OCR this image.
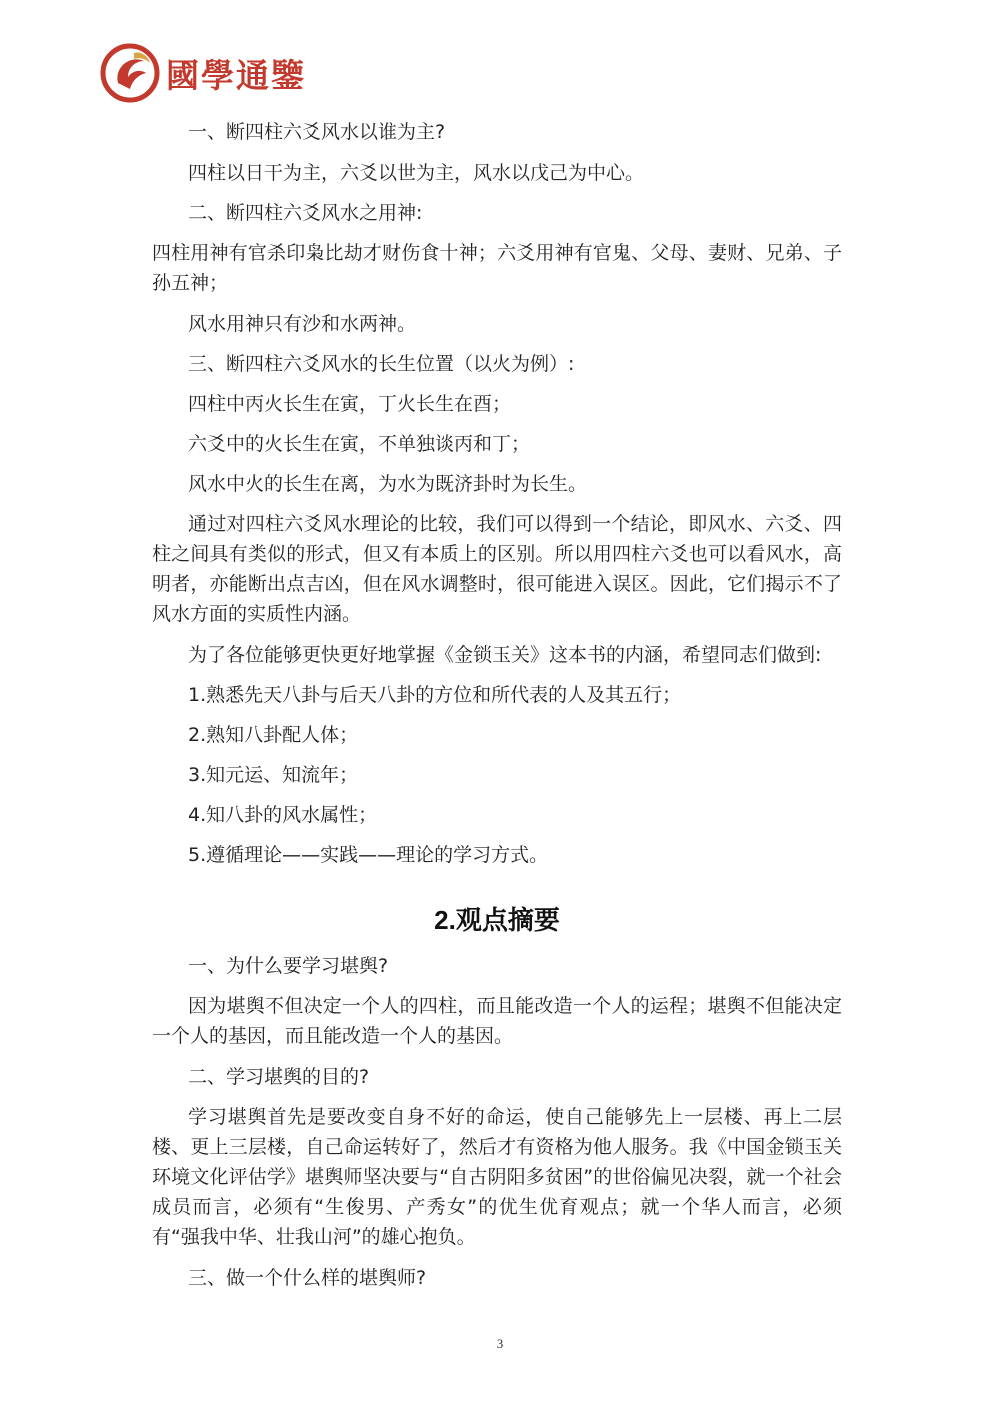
國學通鑒
一、断四柱六爻风水以谁为主?
四柱以日干为主，六爻以世为主，风水以戊己为中心。
二、断四柱六爻风水之用神:
四柱用神有官杀印枭比劫才财伤食十神；六爻用神有官鬼、父母、妻财、兄弟、子孙五神；
风水用神只有沙和水两神。
三、断四柱六爻风水的长生位置（以火为例）:
四柱中丙火长生在寅，丁火长生在酉；
六爻中的火长生在寅，不单独谈丙和丁；
风水中火的长生在离，为水为既济卦时为长生。
通过对四柱六爻风水理论的比较，我们可以得到一个结论，即风水、六爻、四柱之间具有类似的形式，但又有本质上的区别。所以用四柱六爻也可以看风水，高明者，亦能断出点吉凶，但在风水调整时，很可能进入误区。因此，它们揭示不了风水方面的实质性内涵。
为了各位能够更快更好地掌握《金锁玉关》这本书的内涵，希望同志们做到:
1.熟悉先天八卦与后天八卦的方位和所代表的人及其五行；
2.熟知八卦配人体；
3.知元运、知流年；
4.知八卦的风水属性；
5.遵循理论——实践——理论的学习方式。
2.观点摘要
一、为什么要学习堪舆?
因为堪舆不但决定一个人的四柱，而且能改造一个人的运程；堪舆不但能决定一个人的基因，而且能改造一个人的基因。
二、学习堪舆的目的?
学习堪舆首先是要改变自身不好的命运，使自己能够先上一层楼、再上二层楼、更上三层楼，自己命运转好了，然后才有资格为他人服务。我《中国金锁玉关环境文化评估学》堪舆师坚决要与“自古阴阳多贫困”的世俗偏见决裂，就一个社会成员而言，必须有“生俊男、产秀女”的优生优育观点；就一个华人而言，必须有“强我中华、壮我山河”的雄心抱负。
三、做一个什么样的堪舆师?
3
